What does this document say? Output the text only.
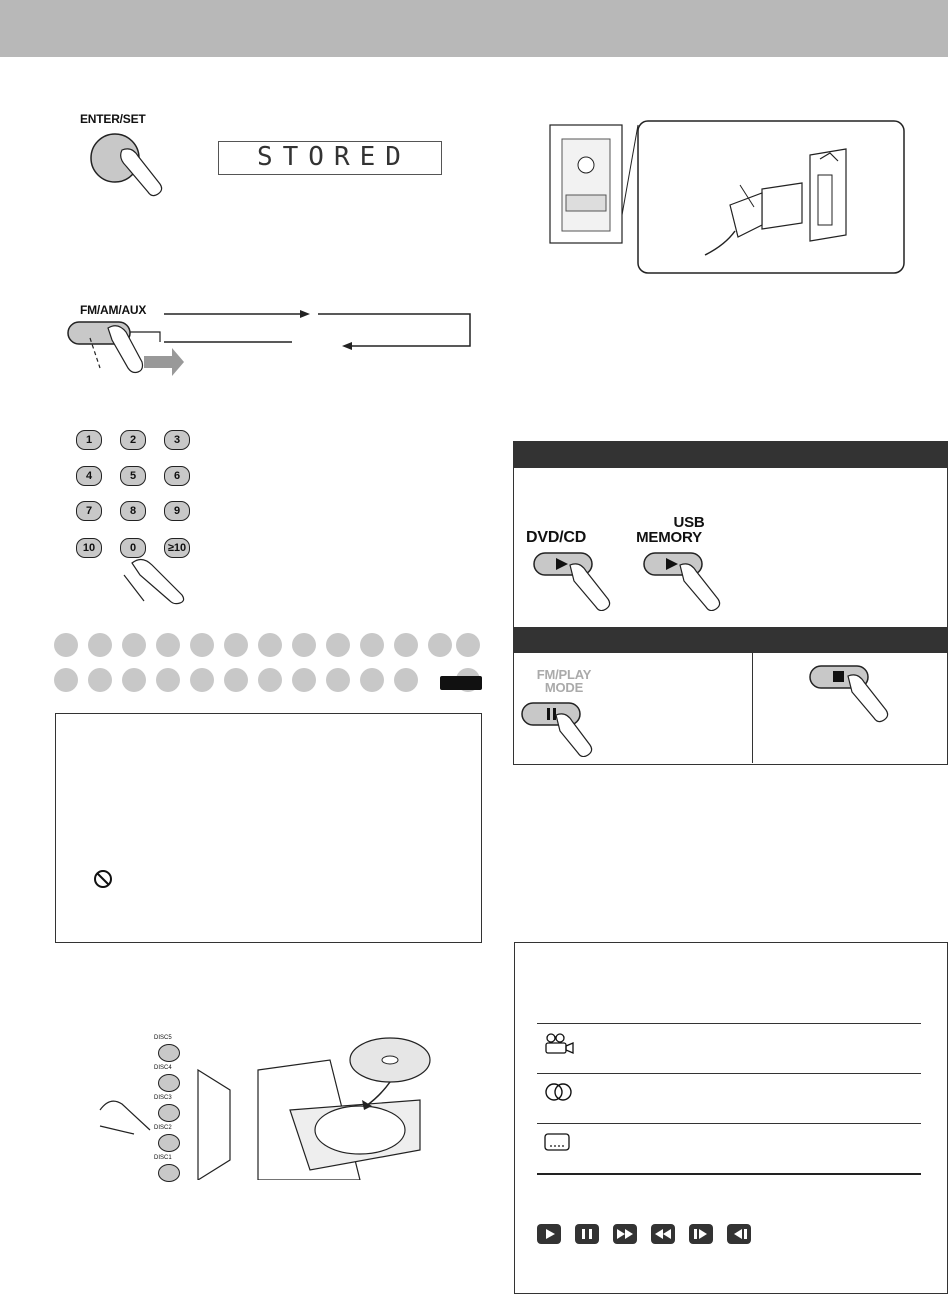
ENTER/SET
STORED
FM/AM/AUX
1	2	3
4	5	6
7	8	9
10	0	≥10
DISC5
DISC4
DISC3
DISC2
DISC1
DVD/CD
USB
MEMORY
FM/PLAY
MODE
